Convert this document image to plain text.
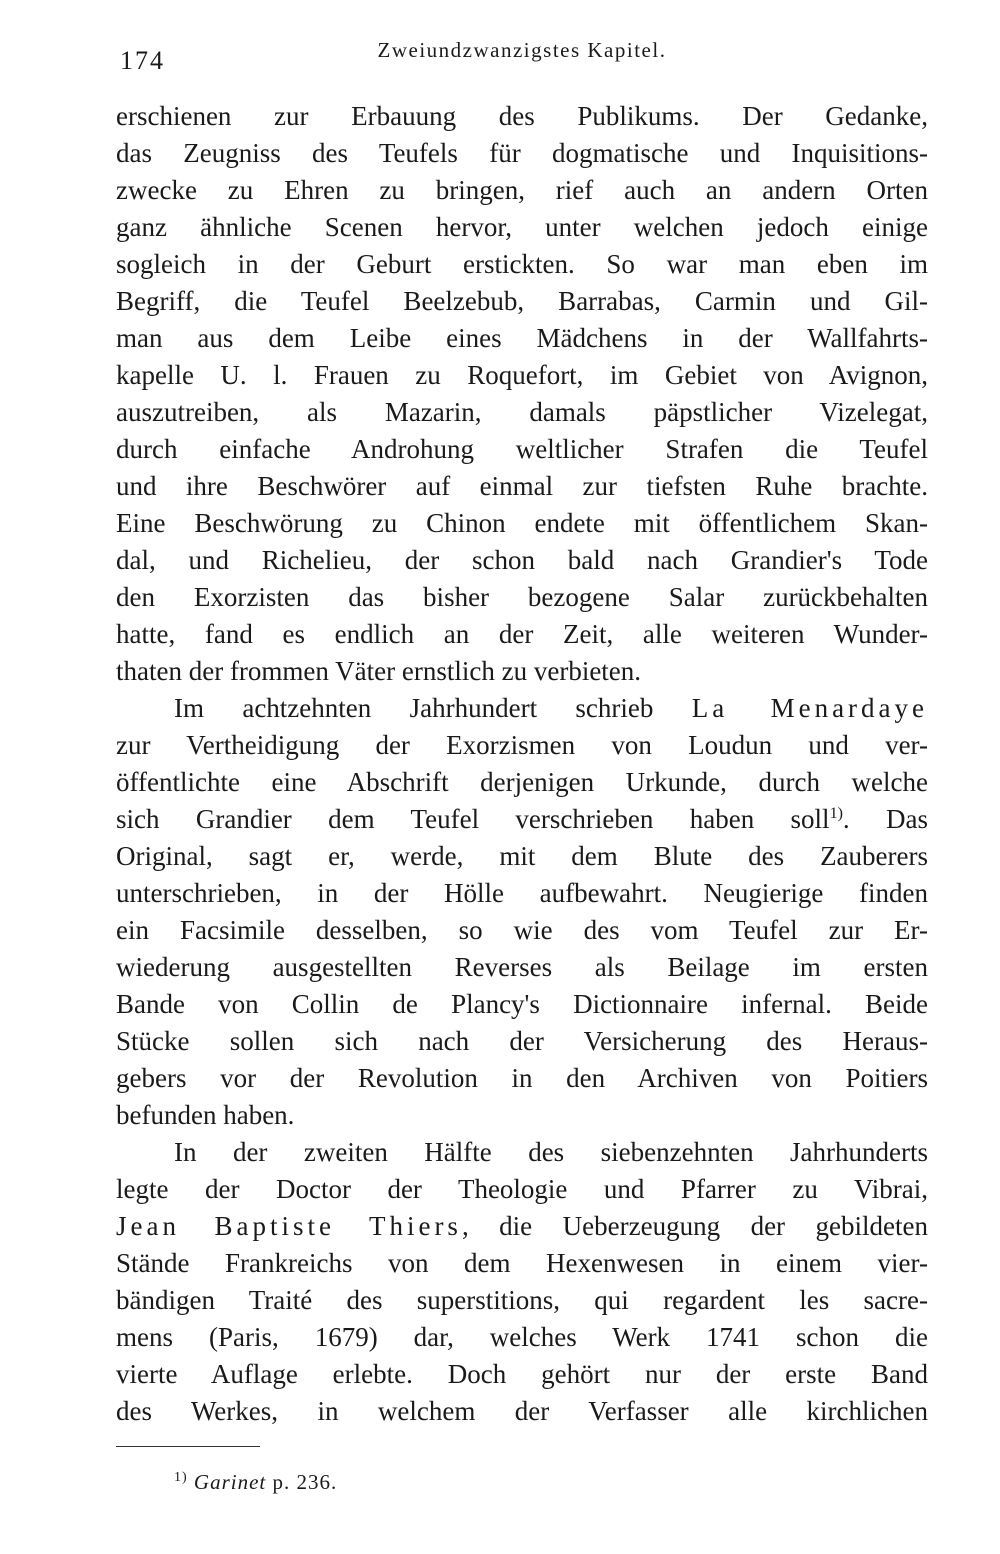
174	Zweiundzwanzigstes Kapitel.

erschienen zur Erbauung des Publikums. Der Gedanke,
das Zeugniss des Teufels für dogmatische und Inquisitions-
zwecke zu Ehren zu bringen, rief auch an andern Orten
ganz ähnliche Scenen hervor, unter welchen jedoch einige
sogleich in der Geburt erstickten. So war man eben im
Begriff, die Teufel Beelzebub, Barrabas, Carmin und Gil-
man aus dem Leibe eines Mädchens in der Wallfahrts-
kapelle U. l. Frauen zu Roquefort, im Gebiet von Avignon,
auszutreiben, als Mazarin, damals päpstlicher Vizelegat,
durch einfache Androhung weltlicher Strafen die Teufel
und ihre Beschwörer auf einmal zur tiefsten Ruhe brachte.
Eine Beschwörung zu Chinon endete mit öffentlichem Skan-
dal, und Richelieu, der schon bald nach Grandier's Tode
den Exorzisten das bisher bezogene Salar zurückbehalten
hatte, fand es endlich an der Zeit, alle weiteren Wunder-
thaten der frommen Väter ernstlich zu verbieten.

Im achtzehnten Jahrhundert schrieb La Menardaye
zur Vertheidigung der Exorzismen von Loudun und ver-
öffentlichte eine Abschrift derjenigen Urkunde, durch welche
sich Grandier dem Teufel verschrieben haben soll$^{1)}$. Das
Original, sagt er, werde, mit dem Blute des Zauberers
unterschrieben, in der Hölle aufbewahrt. Neugierige finden
ein Facsimile desselben, so wie des vom Teufel zur Er-
wiederung ausgestellten Reverses als Beilage im ersten
Bande von Collin de Plancy's Dictionnaire infernal. Beide
Stücke sollen sich nach der Versicherung des Heraus-
gebers vor der Revolution in den Archiven von Poitiers
befunden haben.

In der zweiten Hälfte des siebenzehnten Jahrhunderts
legte der Doctor der Theologie und Pfarrer zu Vibrai,
Jean Baptiste Thiers, die Ueberzeugung der gebildeten
Stände Frankreichs von dem Hexenwesen in einem vier-
bändigen Traité des superstitions, qui regardent les sacre-
mens (Paris, 1679) dar, welches Werk 1741 schon die
vierte Auflage erlebte. Doch gehört nur der erste Band
des Werkes, in welchem der Verfasser alle kirchlichen

$^{1)}$ Garinet p. 236.
